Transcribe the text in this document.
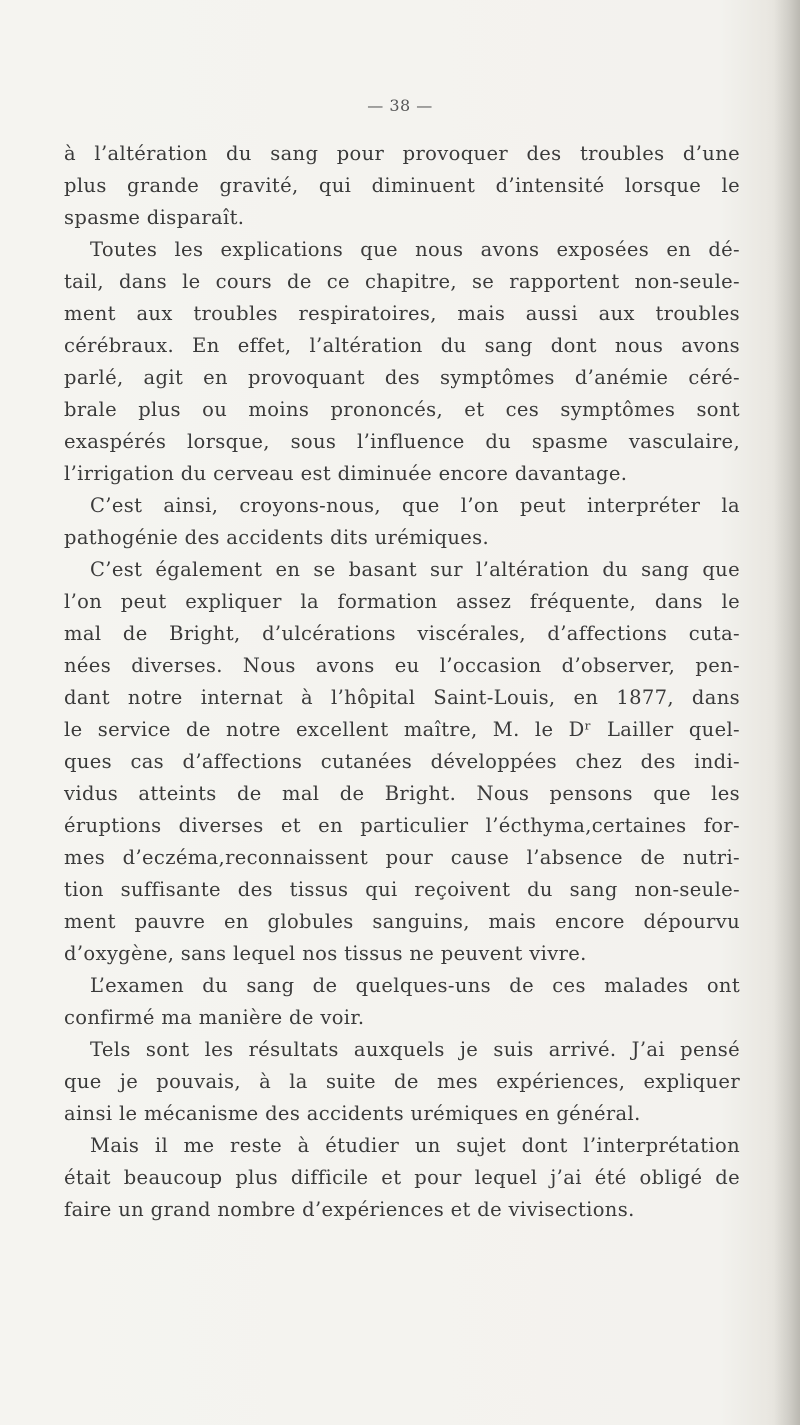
— 38 —
à l’altération du sang pour provoquer des troubles d’une
plus grande gravité, qui diminuent d’intensité lorsque le
spasme disparaît.
Toutes les explications que nous avons exposées en dé-
tail, dans le cours de ce chapitre, se rapportent non-seule-
ment aux troubles respiratoires, mais aussi aux troubles
cérébraux. En effet, l’altération du sang dont nous avons
parlé, agit en provoquant des symptômes d’anémie céré-
brale plus ou moins prononcés, et ces symptômes sont
exaspérés lorsque, sous l’influence du spasme vasculaire,
l’irrigation du cerveau est diminuée encore davantage.
C’est ainsi, croyons-nous, que l’on peut interpréter la
pathogénie des accidents dits urémiques.
C’est également en se basant sur l’altération du sang que
l’on peut expliquer la formation assez fréquente, dans le
mal de Bright, d’ulcérations viscérales, d’affections cuta-
nées diverses. Nous avons eu l’occasion d’observer, pen-
dant notre internat à l’hôpital Saint-Louis, en 1877, dans
le service de notre excellent maître, M. le Dʳ Lailler quel-
ques cas d’affections cutanées développées chez des indi-
vidus atteints de mal de Bright. Nous pensons que les
éruptions diverses et en particulier l’écthyma,certaines for-
mes d’eczéma,reconnaissent pour cause l’absence de nutri-
tion suffisante des tissus qui reçoivent du sang non-seule-
ment pauvre en globules sanguins, mais encore dépourvu
d’oxygène, sans lequel nos tissus ne peuvent vivre.
L’examen du sang de quelques-uns de ces malades ont
confirmé ma manière de voir.
Tels sont les résultats auxquels je suis arrivé. J’ai pensé
que je pouvais, à la suite de mes expériences, expliquer
ainsi le mécanisme des accidents urémiques en général.
Mais il me reste à étudier un sujet dont l’interprétation
était beaucoup plus difficile et pour lequel j’ai été obligé de
faire un grand nombre d’expériences et de vivisections.
